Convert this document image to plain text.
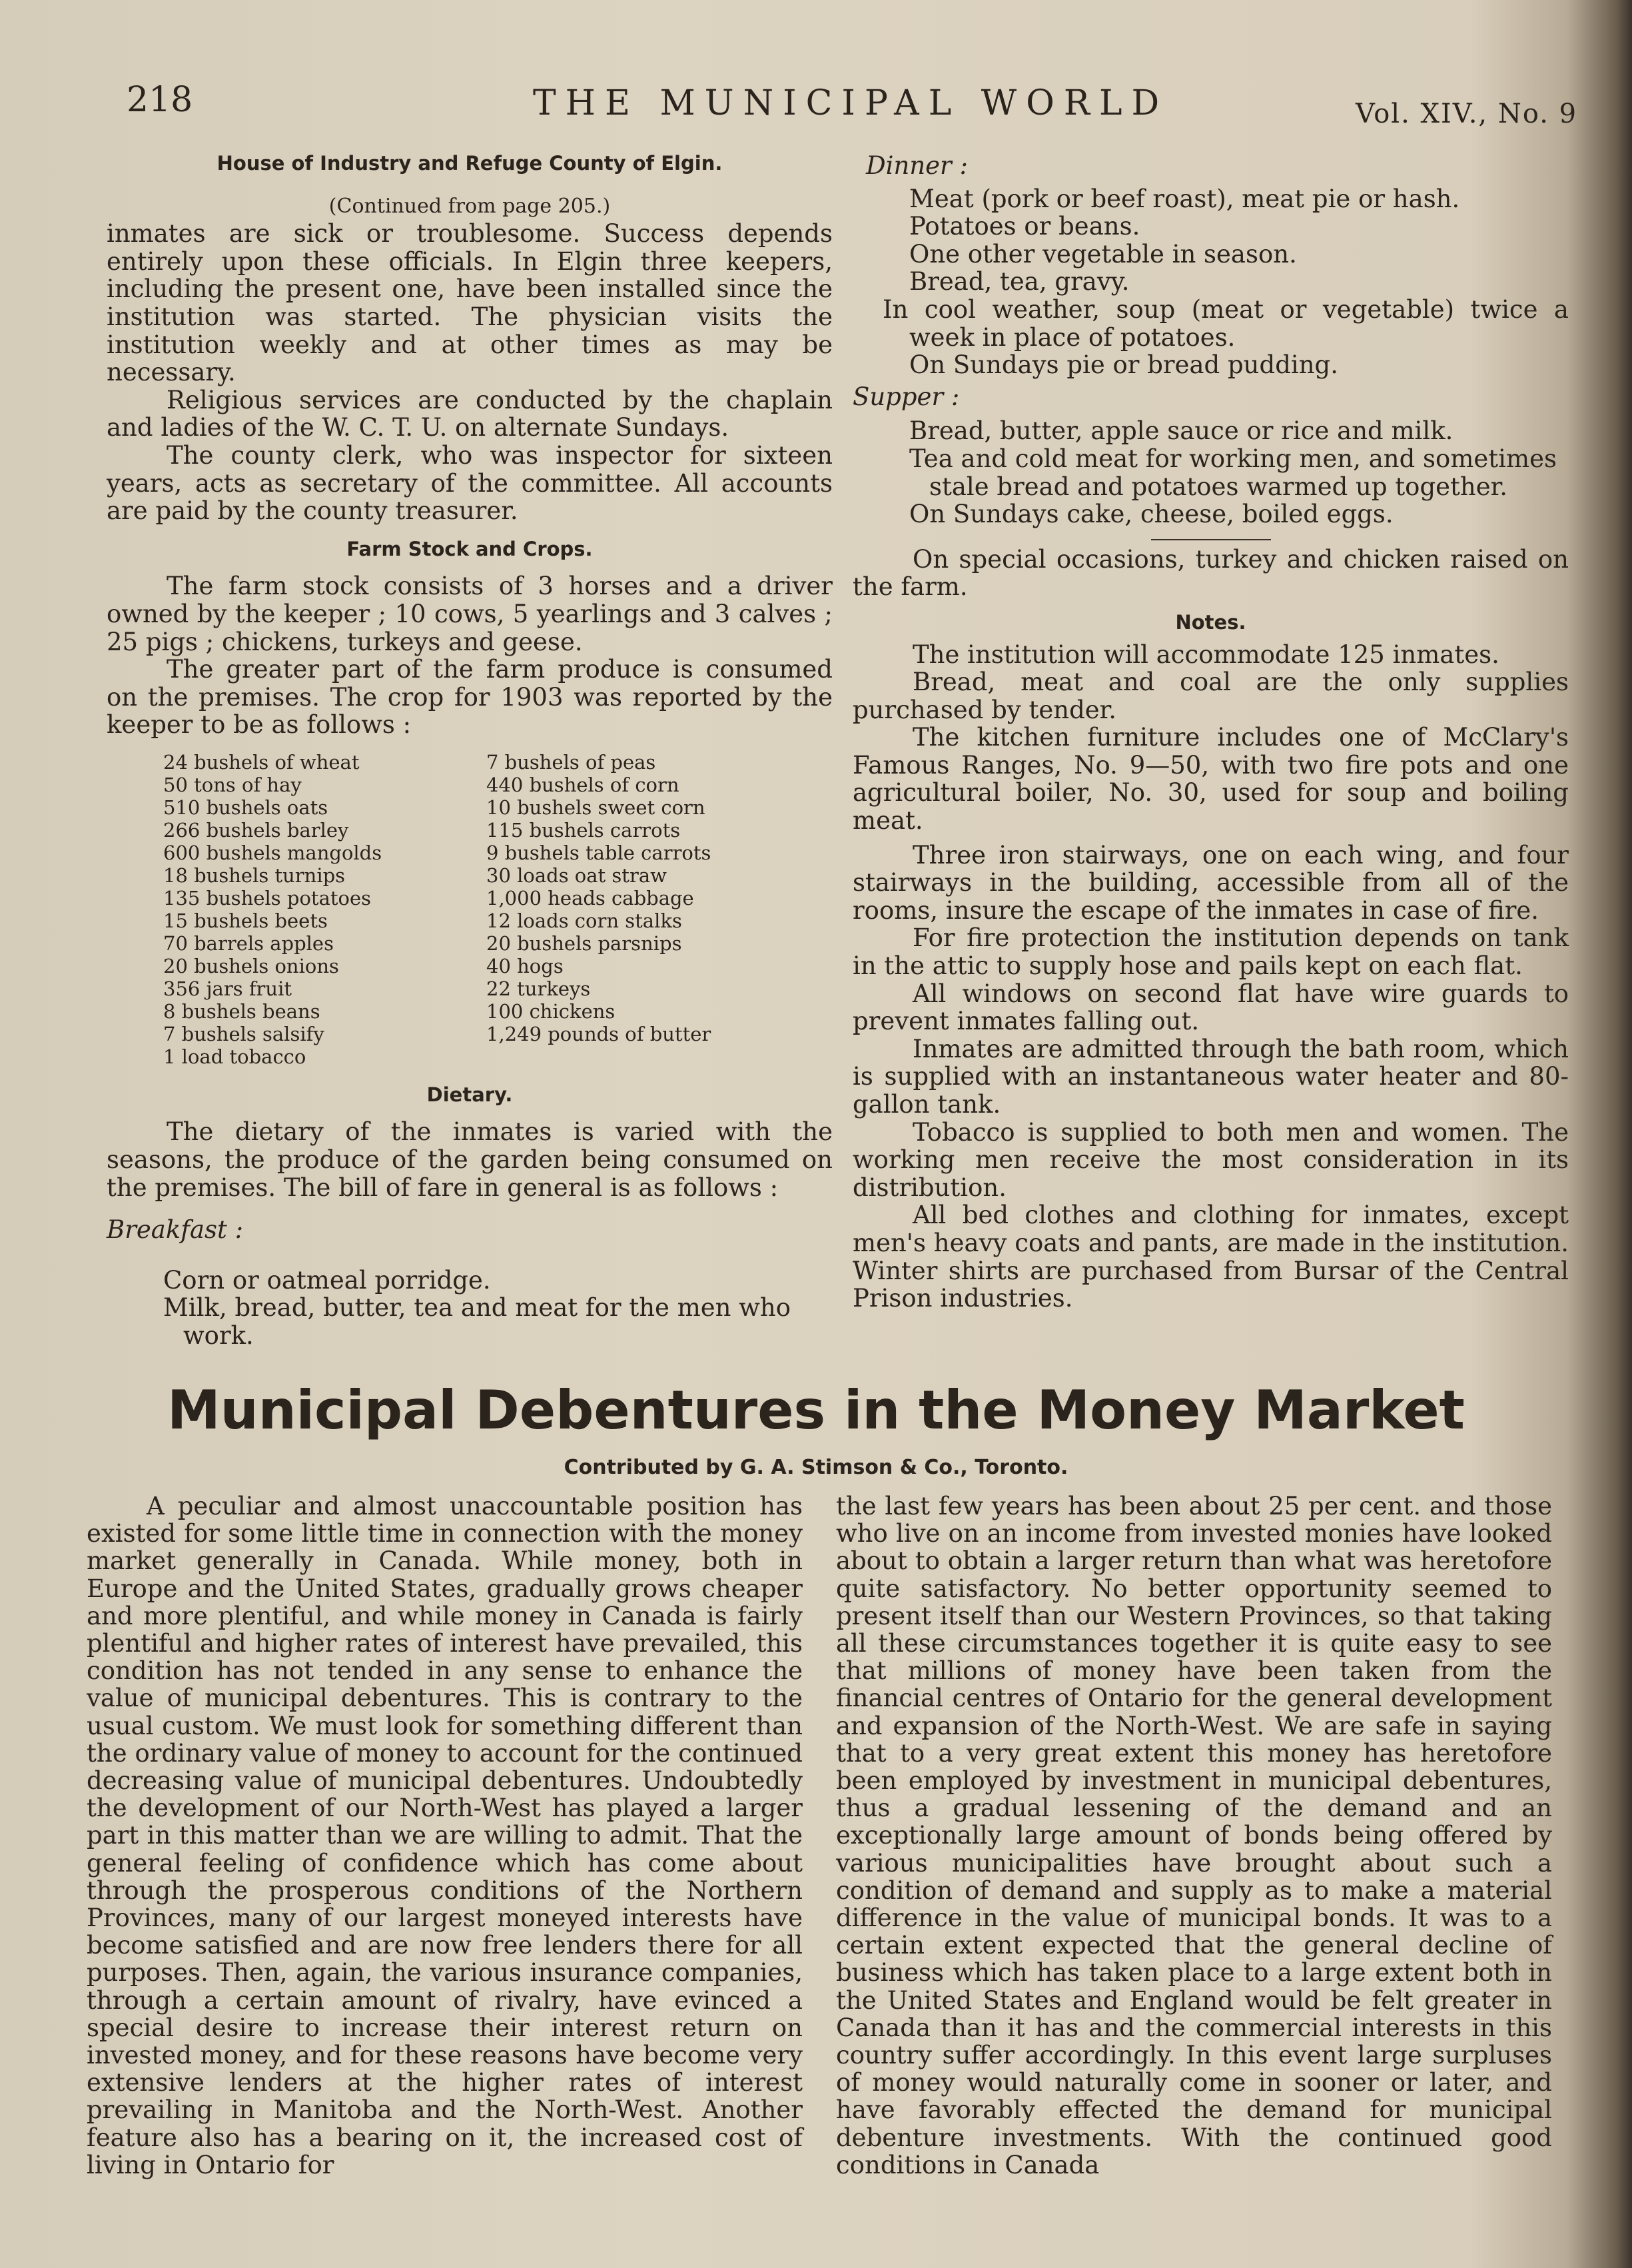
218	THE MUNICIPAL WORLD	Vol. XIV., No. 9
House of Industry and Refuge County of Elgin.
(Continued from page 205.)

inmates are sick or troublesome. Success depends entirely upon these officials. In Elgin three keepers, including the present one, have been installed since the institution was started. The physician visits the institution weekly and at other times as may be necessary.

Religious services are conducted by the chaplain and ladies of the W. C. T. U. on alternate Sundays.

The county clerk, who was inspector for sixteen years, acts as secretary of the committee. All accounts are paid by the county treasurer.

Farm Stock and Crops.

The farm stock consists of 3 horses and a driver owned by the keeper ; 10 cows, 5 yearlings and 3 calves ; 25 pigs ; chickens, turkeys and geese.

The greater part of the farm produce is consumed on the premises. The crop for 1903 was reported by the keeper to be as follows :

24 bushels of wheat
50 tons of hay
510 bushels oats
266 bushels barley
600 bushels mangolds
18 bushels turnips
135 bushels potatoes
15 bushels beets
70 barrels apples
20 bushels onions
356 jars fruit
8 bushels beans
7 bushels salsify
1 load tobacco
7 bushels of peas
440 bushels of corn
10 bushels sweet corn
115 bushels carrots
9 bushels table carrots
30 loads oat straw
1,000 heads cabbage
12 loads corn stalks
20 bushels parsnips
40 hogs
22 turkeys
100 chickens
1,249 pounds of butter
Dietary.

The dietary of the inmates is varied with the seasons, the produce of the garden being consumed on the premises. The bill of fare in general is as follows :

Breakfast :

Corn or oatmeal porridge.
Milk, bread, butter, tea and meat for the men who work.

Dinner :

Meat (pork or beef roast), meat pie or hash.
Potatoes or beans.
One other vegetable in season.
Bread, tea, gravy.

In cool weather, soup (meat or vegetable) twice a week in place of potatoes.

On Sundays pie or bread pudding.

Supper :

Bread, butter, apple sauce or rice and milk.
Tea and cold meat for working men, and sometimes stale bread and potatoes warmed up together.
On Sundays cake, cheese, boiled eggs.

On special occasions, turkey and chicken raised on the farm.

Notes.

The institution will accommodate 125 inmates.

Bread, meat and coal are the only supplies purchased by tender.

The kitchen furniture includes one of McClary's Famous Ranges, No. 9—50, with two fire pots and one agricultural boiler, No. 30, used for soup and boiling meat.

Three iron stairways, one on each wing, and four stairways in the building, accessible from all of the rooms, insure the escape of the inmates in case of fire.

For fire protection the institution depends on tank in the attic to supply hose and pails kept on each flat.

All windows on second flat have wire guards to prevent inmates falling out.

Inmates are admitted through the bath room, which is supplied with an instantaneous water heater and 80-gallon tank.

Tobacco is supplied to both men and women. The working men receive the most consideration in its distribution.

All bed clothes and clothing for inmates, except men's heavy coats and pants, are made in the institution. Winter shirts are purchased from Bursar of the Central Prison industries.

Municipal Debentures in the Money Market
Contributed by G. A. Stimson & Co., Toronto.

A peculiar and almost unaccountable position has existed for some little time in connection with the money market generally in Canada. While money, both in Europe and the United States, gradually grows cheaper and more plentiful, and while money in Canada is fairly plentiful and higher rates of interest have prevailed, this condition has not tended in any sense to enhance the value of municipal debentures. This is contrary to the usual custom. We must look for something different than the ordinary value of money to account for the continued decreasing value of municipal debentures. Undoubtedly the development of our North-West has played a larger part in this matter than we are willing to admit. That the general feeling of confidence which has come about through the prosperous conditions of the Northern Provinces, many of our largest moneyed interests have become satisfied and are now free lenders there for all purposes. Then, again, the various insurance companies, through a certain amount of rivalry, have evinced a special desire to increase their interest return on invested money, and for these reasons have become very extensive lenders at the higher rates of interest prevailing in Manitoba and the North-West. Another feature also has a bearing on it, the increased cost of living in Ontario for

the last few years has been about 25 per cent. and those who live on an income from invested monies have looked about to obtain a larger return than what was heretofore quite satisfactory. No better opportunity seemed to present itself than our Western Provinces, so that taking all these circumstances together it is quite easy to see that millions of money have been taken from the financial centres of Ontario for the general development and expansion of the North-West. We are safe in saying that to a very great extent this money has heretofore been employed by investment in municipal debentures, thus a gradual lessening of the demand and an exceptionally large amount of bonds being offered by various municipalities have brought about such a condition of demand and supply as to make a material difference in the value of municipal bonds. It was to a certain extent expected that the general decline of business which has taken place to a large extent both in the United States and England would be felt greater in Canada than it has and the commercial interests in this country suffer accordingly. In this event large surpluses of money would naturally come in sooner or later, and have favorably effected the demand for municipal debenture investments. With the continued good conditions in Canada
